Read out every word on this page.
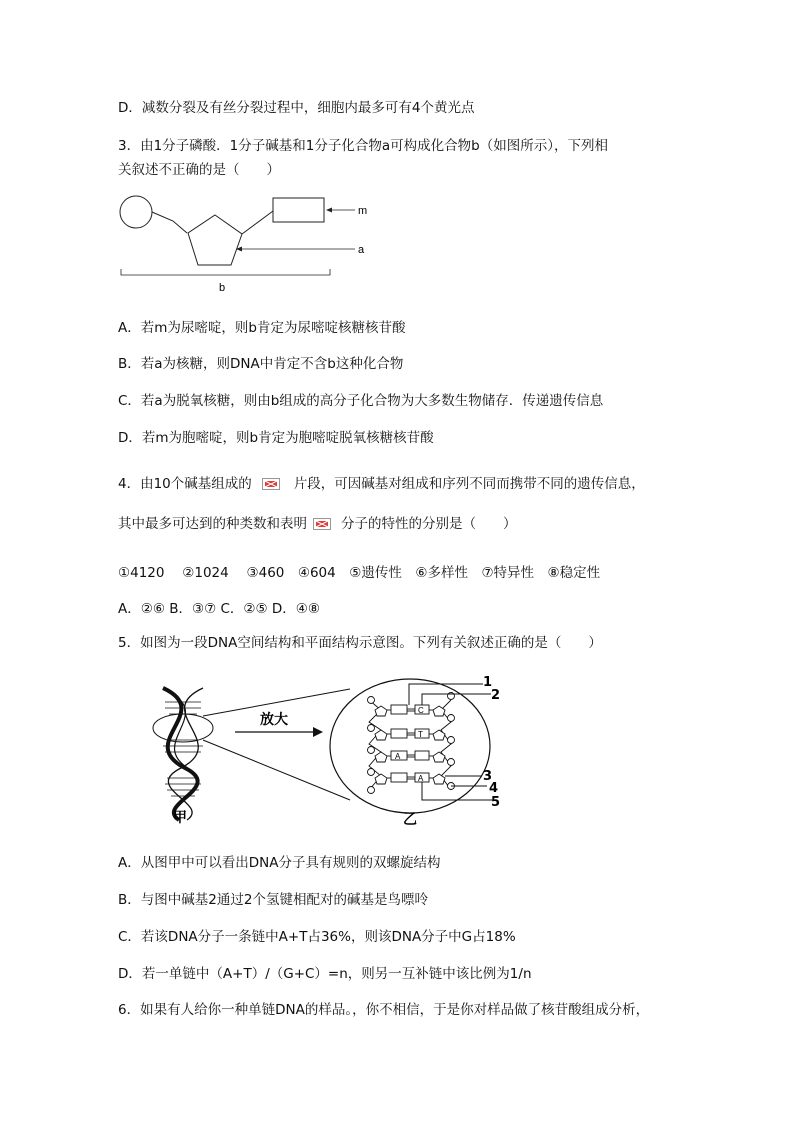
D．减数分裂及有丝分裂过程中，细胞内最多可有4个黄光点
3．由1分子磷酸．1分子碱基和1分子化合物a可构成化合物b（如图所示），下列相
关叙述不正确的是（　　）
m
a
b
A．若m为尿嘧啶，则b肯定为尿嘧啶核糖核苷酸
B．若a为核糖，则DNA中肯定不含b这种化合物
C．若a为脱氧核糖，则由b组成的高分子化合物为大多数生物储存．传递遗传信息
D．若m为胞嘧啶，则b肯定为胞嘧啶脱氧核糖核苷酸
4．由10个碱基组成的	片段，可因碱基对组成和序列不同而携带不同的遗传信息，
其中最多可达到的种类数和表明	分子的特性的分别是（　　）
①4120　 ②1024　 ③460　④604　⑤遗传性　⑥多样性　⑦特异性　⑧稳定性
A．②⑥ B．③⑦ C．②⑤ D．④⑧
5．如图为一段DNA空间结构和平面结构示意图。下列有关叙述正确的是（　　）
放大
C
T
A
A
1
2
3
4
5
甲	乙
A．从图甲中可以看出DNA分子具有规则的双螺旋结构
B．与图中碱基2通过2个氢键相配对的碱基是鸟嘌呤
C．若该DNA分子一条链中A+T占36%，则该DNA分子中G占18%
D．若一单链中（A+T）/（G+C）=n，则另一互补链中该比例为1/n
6．如果有人给你一种单链DNA的样品。，你不相信，于是你对样品做了核苷酸组成分析，
